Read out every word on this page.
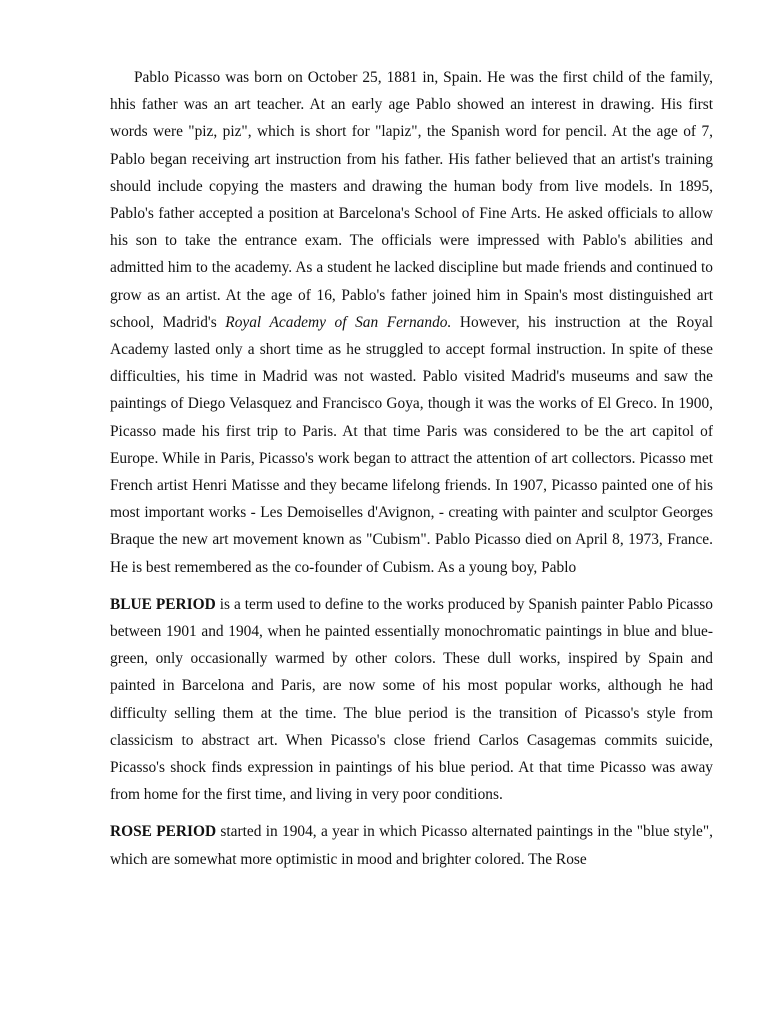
Pablo Picasso was born on October 25, 1881 in, Spain. He was the first child of the family, hhis father was an art teacher. At an early age Pablo showed an interest in drawing. His first words were "piz, piz", which is short for "lapiz", the Spanish word for pencil. At the age of 7, Pablo began receiving art instruction from his father. His father believed that an artist's training should include copying the masters and drawing the human body from live models. In 1895, Pablo's father accepted a position at Barcelona's School of Fine Arts. He asked officials to allow his son to take the entrance exam. The officials were impressed with Pablo's abilities and admitted him to the academy. As a student he lacked discipline but made friends and continued to grow as an artist. At the age of 16, Pablo's father joined him in Spain's most distinguished art school, Madrid's Royal Academy of San Fernando. However, his instruction at the Royal Academy lasted only a short time as he struggled to accept formal instruction. In spite of these difficulties, his time in Madrid was not wasted. Pablo visited Madrid's museums and saw the paintings of Diego Velasquez and Francisco Goya, though it was the works of El Greco. In 1900, Picasso made his first trip to Paris. At that time Paris was considered to be the art capitol of Europe. While in Paris, Picasso's work began to attract the attention of art collectors. Picasso met French artist Henri Matisse and they became lifelong friends. In 1907, Picasso painted one of his most important works - Les Demoiselles d'Avignon, - creating with painter and sculptor Georges Braque the new art movement known as "Cubism". Pablo Picasso died on April 8, 1973, France. He is best remembered as the co-founder of Cubism. As a young boy, Pablo

BLUE PERIOD is a term used to define to the works produced by Spanish painter Pablo Picasso between 1901 and 1904, when he painted essentially monochromatic paintings in blue and blue-green, only occasionally warmed by other colors. These dull works, inspired by Spain and painted in Barcelona and Paris, are now some of his most popular works, although he had difficulty selling them at the time. The blue period is the transition of Picasso's style from classicism to abstract art. When Picasso's close friend Carlos Casagemas commits suicide, Picasso's shock finds expression in paintings of his blue period. At that time Picasso was away from home for the first time, and living in very poor conditions.

ROSE PERIOD started in 1904, a year in which Picasso alternated paintings in the "blue style", which are somewhat more optimistic in mood and brighter colored. The Rose
